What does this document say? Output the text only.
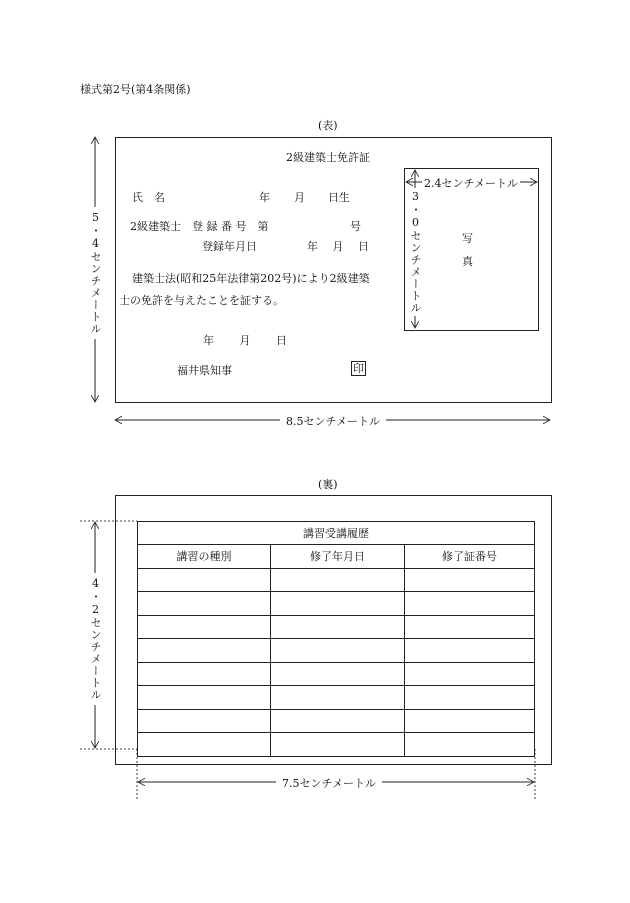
様式第2号(第4条関係)
(表)
2級建築士免許証
氏　名	年 月 日生
2級建築士　登 録 番 号　第	号
登録年月日	年　 月　 日
建築士法(昭和25年法律第202号)により2級建築
士の免許を与えたことを証する。
年　　 月　　 日
福井県知事	印
2.4センチメートル
3・0センチメートル	写
真
5・4センチメートル
8.5センチメートル
(裏)
講習受講履歴		
講習の種別	修了年月日	修了証番号

4・2センチメートル
7.5センチメートル
